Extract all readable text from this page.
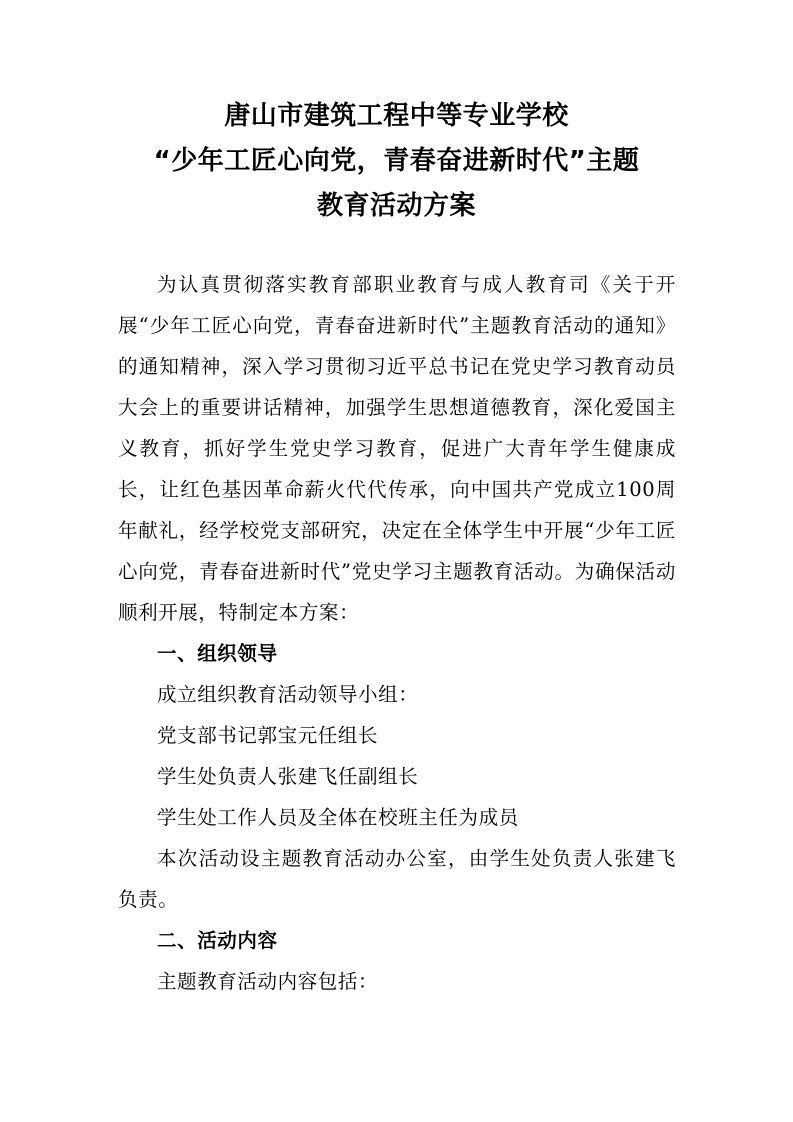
唐山市建筑工程中等专业学校
“少年工匠心向党，青春奋进新时代”主题
教育活动方案

为认真贯彻落实教育部职业教育与成人教育司《关于开展“少年工匠心向党，青春奋进新时代”主题教育活动的通知》的通知精神，深入学习贯彻习近平总书记在党史学习教育动员大会上的重要讲话精神，加强学生思想道德教育，深化爱国主义教育，抓好学生党史学习教育，促进广大青年学生健康成长，让红色基因革命薪火代代传承，向中国共产党成立100周年献礼，经学校党支部研究，决定在全体学生中开展“少年工匠心向党，青春奋进新时代”党史学习主题教育活动。为确保活动顺利开展，特制定本方案：

一、组织领导

成立组织教育活动领导小组：

党支部书记郭宝元任组长

学生处负责人张建飞任副组长

学生处工作人员及全体在校班主任为成员

本次活动设主题教育活动办公室，由学生处负责人张建飞负责。

二、活动内容

主题教育活动内容包括：
